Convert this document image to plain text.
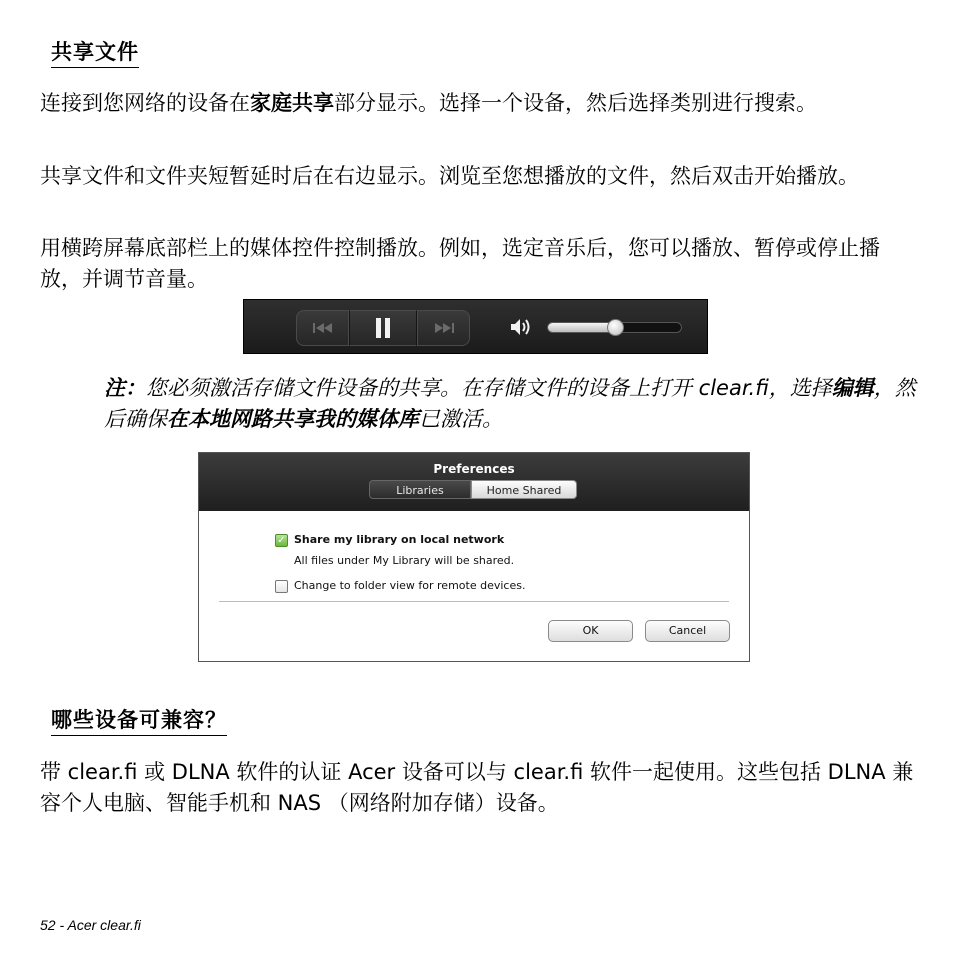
共享文件
连接到您网络的设备在家庭共享部分显示。选择一个设备，然后选择类别进行搜索。
共享文件和文件夹短暂延时后在右边显示。浏览至您想播放的文件，然后双击开始播放。
用横跨屏幕底部栏上的媒体控件控制播放。例如，选定音乐后，您可以播放、暂停或停止播放，并调节音量。
注：您必须激活存储文件设备的共享。在存储文件的设备上打开 clear.fi，选择编辑，然后确保在本地网路共享我的媒体库已激活。
Preferences
Libraries	Home Shared
✓ Share my library on local network
All files under My Library will be shared.
Change to folder view for remote devices.
OK	Cancel
哪些设备可兼容？
带 clear.fi 或 DLNA 软件的认证 Acer 设备可以与 clear.fi 软件一起使用。这些包括 DLNA 兼容个人电脑、智能手机和 NAS （网络附加存储）设备。
52 - Acer clear.fi
